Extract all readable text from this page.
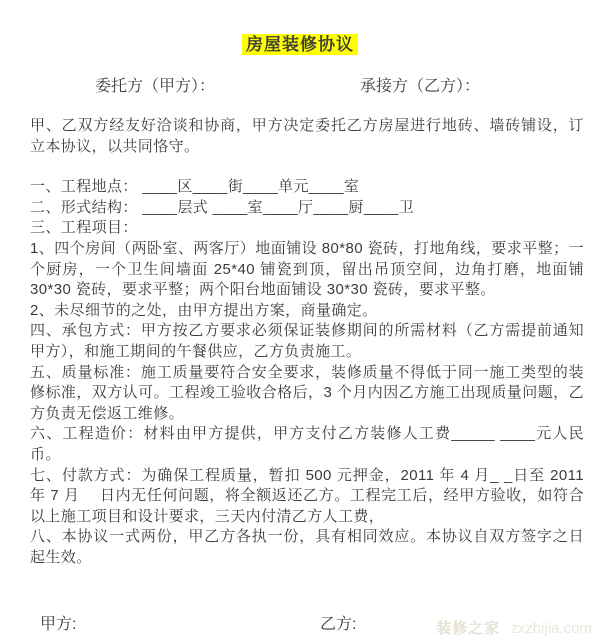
房屋装修协议
委托方（甲方）：	承接方（乙方）：

甲、乙双方经友好洽谈和协商，甲方决定委托乙方房屋进行地砖、墙砖铺设，订立本协议，以共同恪守。

一、工程地点： ____区____街____单元____室

二、形式结构： ____层式 ____室____厅____厨____卫

三、工程项目：

1、四个房间（两卧室、两客厅）地面铺设 80*80 瓷砖，打地角线，要求平整；一个厨房，一个卫生间墙面 25*40 铺瓷到顶，留出吊顶空间，边角打磨，地面铺 30*30 瓷砖，要求平整；两个阳台地面铺设 30*30 瓷砖，要求平整。

2、未尽细节的之处，由甲方提出方案，商量确定。

四、承包方式：甲方按乙方要求必须保证装修期间的所需材料（乙方需提前通知甲方），和施工期间的午餐供应，乙方负责施工。

五、质量标准：施工质量要符合安全要求，装修质量不得低于同一施工类型的装修标准，双方认可。工程竣工验收合格后，3 个月内因乙方施工出现质量问题，乙方负责无偿返工维修。

六、工程造价：材料由甲方提供，甲方支付乙方装修人工费_____ ____元人民币。

七、付款方式：为确保工程质量，暂扣 500 元押金，2011 年 4 月_ _日至 2011 年 7 月　 日内无任何问题，将全额返还乙方。工程完工后，经甲方验收，如符合以上施工项目和设计要求，三天内付清乙方人工费，

八、本协议一式两份，甲乙方各执一份，具有相同效应。本协议自双方签字之日起生效。

甲方:	乙方:	装修之家 zxzhijia.com
